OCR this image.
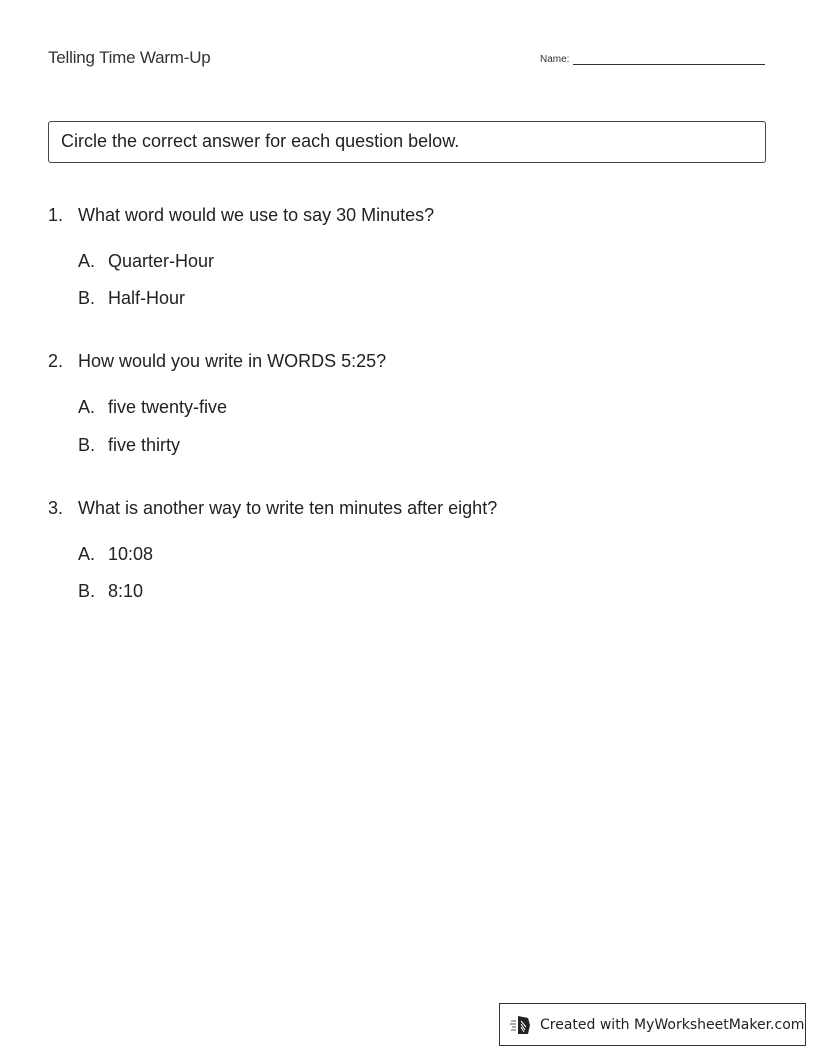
Telling Time Warm-Up	Name:
Circle the correct answer for each question below.
1. What word would we use to say 30 Minutes?
A. Quarter-Hour
B. Half-Hour
2. How would you write in WORDS 5:25?
A. five twenty-five
B. five thirty
3. What is another way to write ten minutes after eight?
A. 10:08
B. 8:10
Created with MyWorksheetMaker.com
